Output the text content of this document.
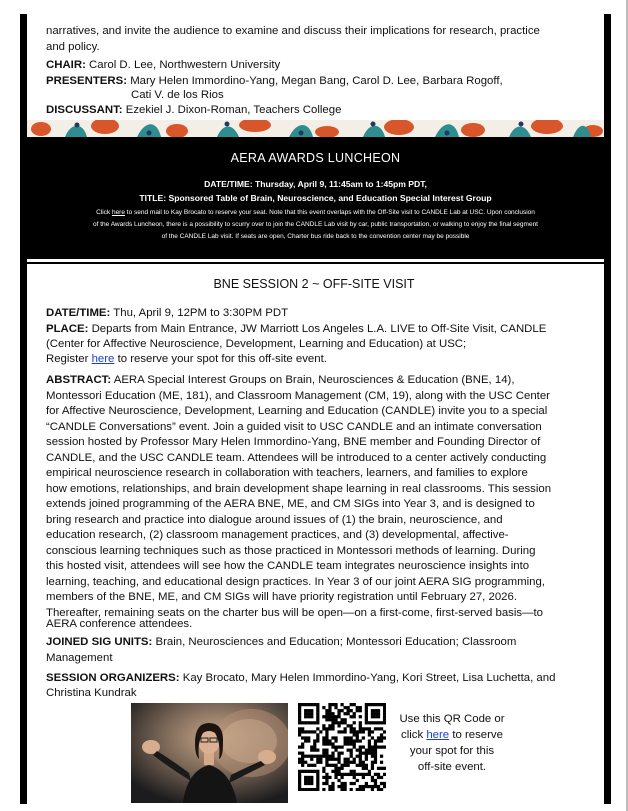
narratives, and invite the audience to examine and discuss their implications for research, practice
and policy.
CHAIR: Carol D. Lee, Northwestern University
PRESENTERS: Mary Helen Immordino-Yang, Megan Bang, Carol D. Lee, Barbara Rogoff,
Cati V. de los Rios
DISCUSSANT: Ezekiel J. Dixon-Roman, Teachers College
AERA AWARDS LUNCHEON
DATE/TIME: Thursday, April 9, 11:45am to 1:45pm PDT,
TITLE: Sponsored Table of Brain, Neuroscience, and Education Special Interest Group
Click here to send mail to Kay Brocato to reserve your seat. Note that this event overlaps with the Off-Site visit to CANDLE Lab at USC. Upon conclusion
of the Awards Luncheon, there is a possibility to scurry over to join the CANDLE Lab visit by car, public transportation, or walking to enjoy the final segment
of the CANDLE Lab visit. If seats are open, Charter bus ride back to the convention center may be possible
BNE SESSION 2 ~ OFF-SITE VISIT
DATE/TIME: Thu, April 9, 12PM to 3:30PM PDT
PLACE: Departs from Main Entrance, JW Marriott Los Angeles L.A. LIVE to Off-Site Visit, CANDLE
(Center for Affective Neuroscience, Development, Learning and Education) at USC;
Register here to reserve your spot for this off-site event.
ABSTRACT: AERA Special Interest Groups on Brain, Neurosciences & Education (BNE, 14),
Montessori Education (ME, 181), and Classroom Management (CM, 19), along with the USC Center
for Affective Neuroscience, Development, Learning and Education (CANDLE) invite you to a special
“CANDLE Conversations” event. Join a guided visit to USC CANDLE and an intimate conversation
session hosted by Professor Mary Helen Immordino-Yang, BNE member and Founding Director of
CANDLE, and the USC CANDLE team. Attendees will be introduced to a center actively conducting
empirical neuroscience research in collaboration with teachers, learners, and families to explore
how emotions, relationships, and brain development shape learning in real classrooms. This session
extends joined programming of the AERA BNE, ME, and CM SIGs into Year 3, and is designed to
bring research and practice into dialogue around issues of (1) the brain, neuroscience, and
education research, (2) classroom management practices, and (3) developmental, affective-
conscious learning techniques such as those practiced in Montessori methods of learning. During
this hosted visit, attendees will see how the CANDLE team integrates neuroscience insights into
learning, teaching, and educational design practices. In Year 3 of our joint AERA SIG programming,
members of the BNE, ME, and CM SIGs will have priority registration until February 27, 2026.
Thereafter, remaining seats on the charter bus will be open—on a first-come, first-served basis—to
AERA conference attendees.
JOINED SIG UNITS: Brain, Neurosciences and Education; Montessori Education; Classroom
Management
SESSION ORGANIZERS: Kay Brocato, Mary Helen Immordino-Yang, Kori Street, Lisa Luchetta, and
Christina Kundrak
Use this QR Code or
click here to reserve
your spot for this
off-site event.
